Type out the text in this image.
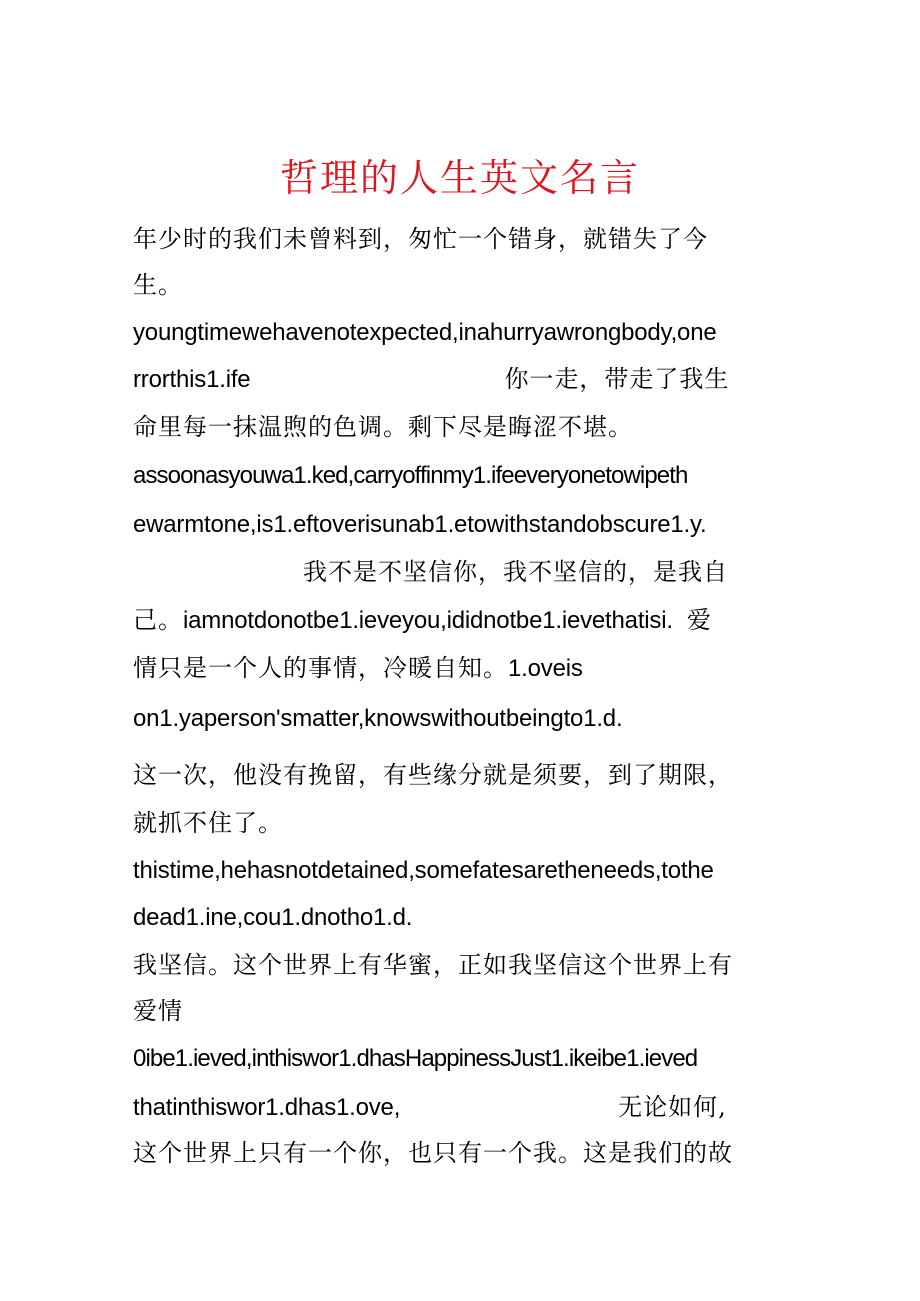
哲理的人生英文名言

年少时的我们未曾料到，匆忙一个错身，就错失了今

生。

youngtimewehavenotexpected,inahurryawrongbody,one

rrorthis1.ife	你一走，带走了我生

命里每一抹温煦的色调。剩下尽是晦涩不堪。

assoonasyouwa1.ked,carryoffinmy1.ifeeveryonetowipeth

ewarmtone,is1.eftoverisunab1.etowithstandobscure1.y.

我不是不坚信你，我不坚信的，是我自

己。iamnotdonotbe1.ieveyou,ididnotbe1.ievethatisi. 爱

情只是一个人的事情，冷暖自知。1.oveis

on1.yaperson'smatter,knowswithoutbeingto1.d.

这一次，他没有挽留，有些缘分就是须要，到了期限，

就抓不住了。

thistime,hehasnotdetained,somefatesaretheneeds,tothe

dead1.ine,cou1.dnotho1.d.

我坚信。这个世界上有华蜜，正如我坚信这个世界上有

爱情

0ibe1.ieved,inthiswor1.dhasHappinessJust1.ikeibe1.ieved

thatinthiswor1.dhas1.ove,	无论如何,

这个世界上只有一个你，也只有一个我。这是我们的故
